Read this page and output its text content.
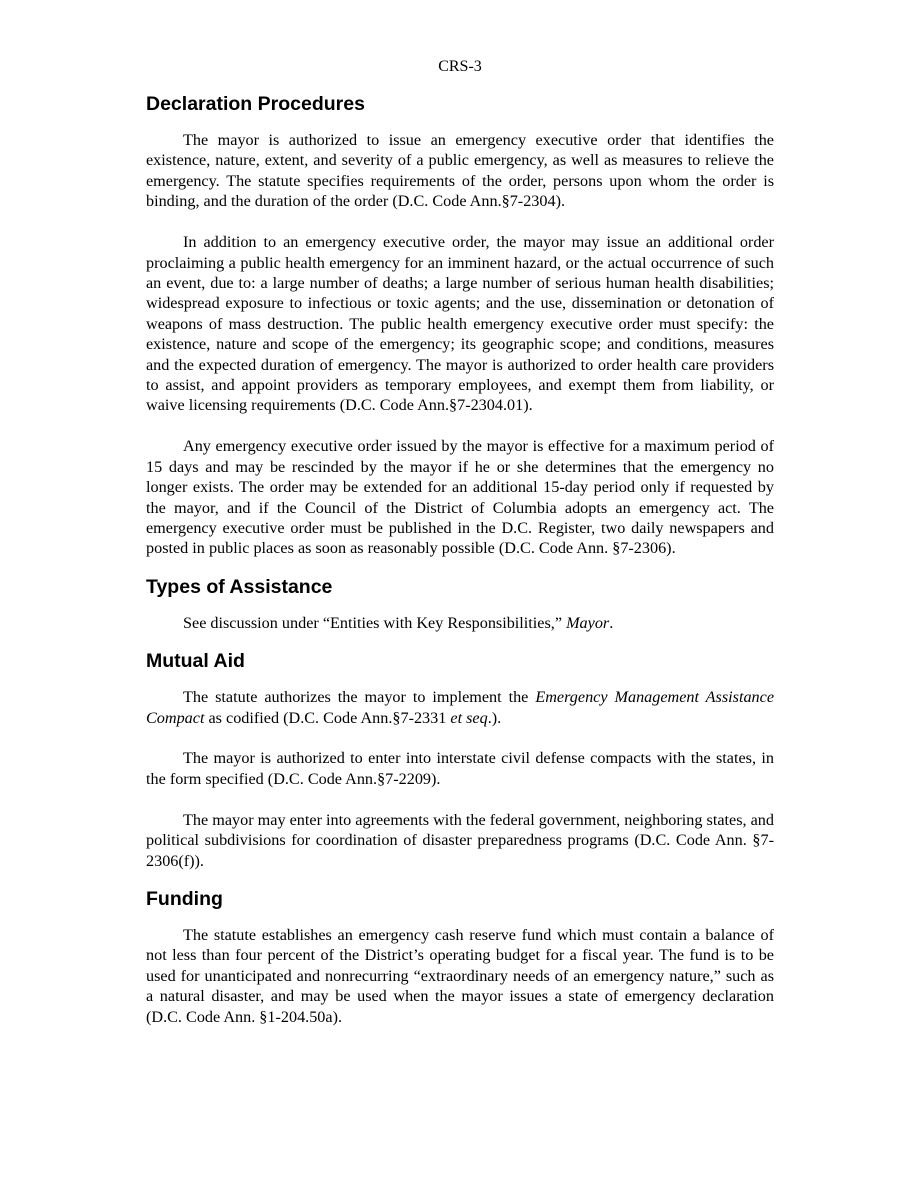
CRS-3
Declaration Procedures

The mayor is authorized to issue an emergency executive order that identifies the existence, nature, extent, and severity of a public emergency, as well as measures to relieve the emergency. The statute specifies requirements of the order, persons upon whom the order is binding, and the duration of the order (D.C. Code Ann.§7-2304).

In addition to an emergency executive order, the mayor may issue an additional order proclaiming a public health emergency for an imminent hazard, or the actual occurrence of such an event, due to: a large number of deaths; a large number of serious human health disabilities; widespread exposure to infectious or toxic agents; and the use, dissemination or detonation of weapons of mass destruction. The public health emergency executive order must specify: the existence, nature and scope of the emergency; its geographic scope; and conditions, measures and the expected duration of emergency. The mayor is authorized to order health care providers to assist, and appoint providers as temporary employees, and exempt them from liability, or waive licensing requirements (D.C. Code Ann.§7-2304.01).

Any emergency executive order issued by the mayor is effective for a maximum period of 15 days and may be rescinded by the mayor if he or she determines that the emergency no longer exists. The order may be extended for an additional 15-day period only if requested by the mayor, and if the Council of the District of Columbia adopts an emergency act. The emergency executive order must be published in the D.C. Register, two daily newspapers and posted in public places as soon as reasonably possible (D.C. Code Ann. §7-2306).

Types of Assistance

See discussion under “Entities with Key Responsibilities,” Mayor.

Mutual Aid

The statute authorizes the mayor to implement the Emergency Management Assistance Compact as codified (D.C. Code Ann.§7-2331 et seq.).

The mayor is authorized to enter into interstate civil defense compacts with the states, in the form specified (D.C. Code Ann.§7-2209).

The mayor may enter into agreements with the federal government, neighboring states, and political subdivisions for coordination of disaster preparedness programs (D.C. Code Ann. §7-2306(f)).

Funding

The statute establishes an emergency cash reserve fund which must contain a balance of not less than four percent of the District’s operating budget for a fiscal year. The fund is to be used for unanticipated and nonrecurring “extraordinary needs of an emergency nature,” such as a natural disaster, and may be used when the mayor issues a state of emergency declaration (D.C. Code Ann. §1-204.50a).
